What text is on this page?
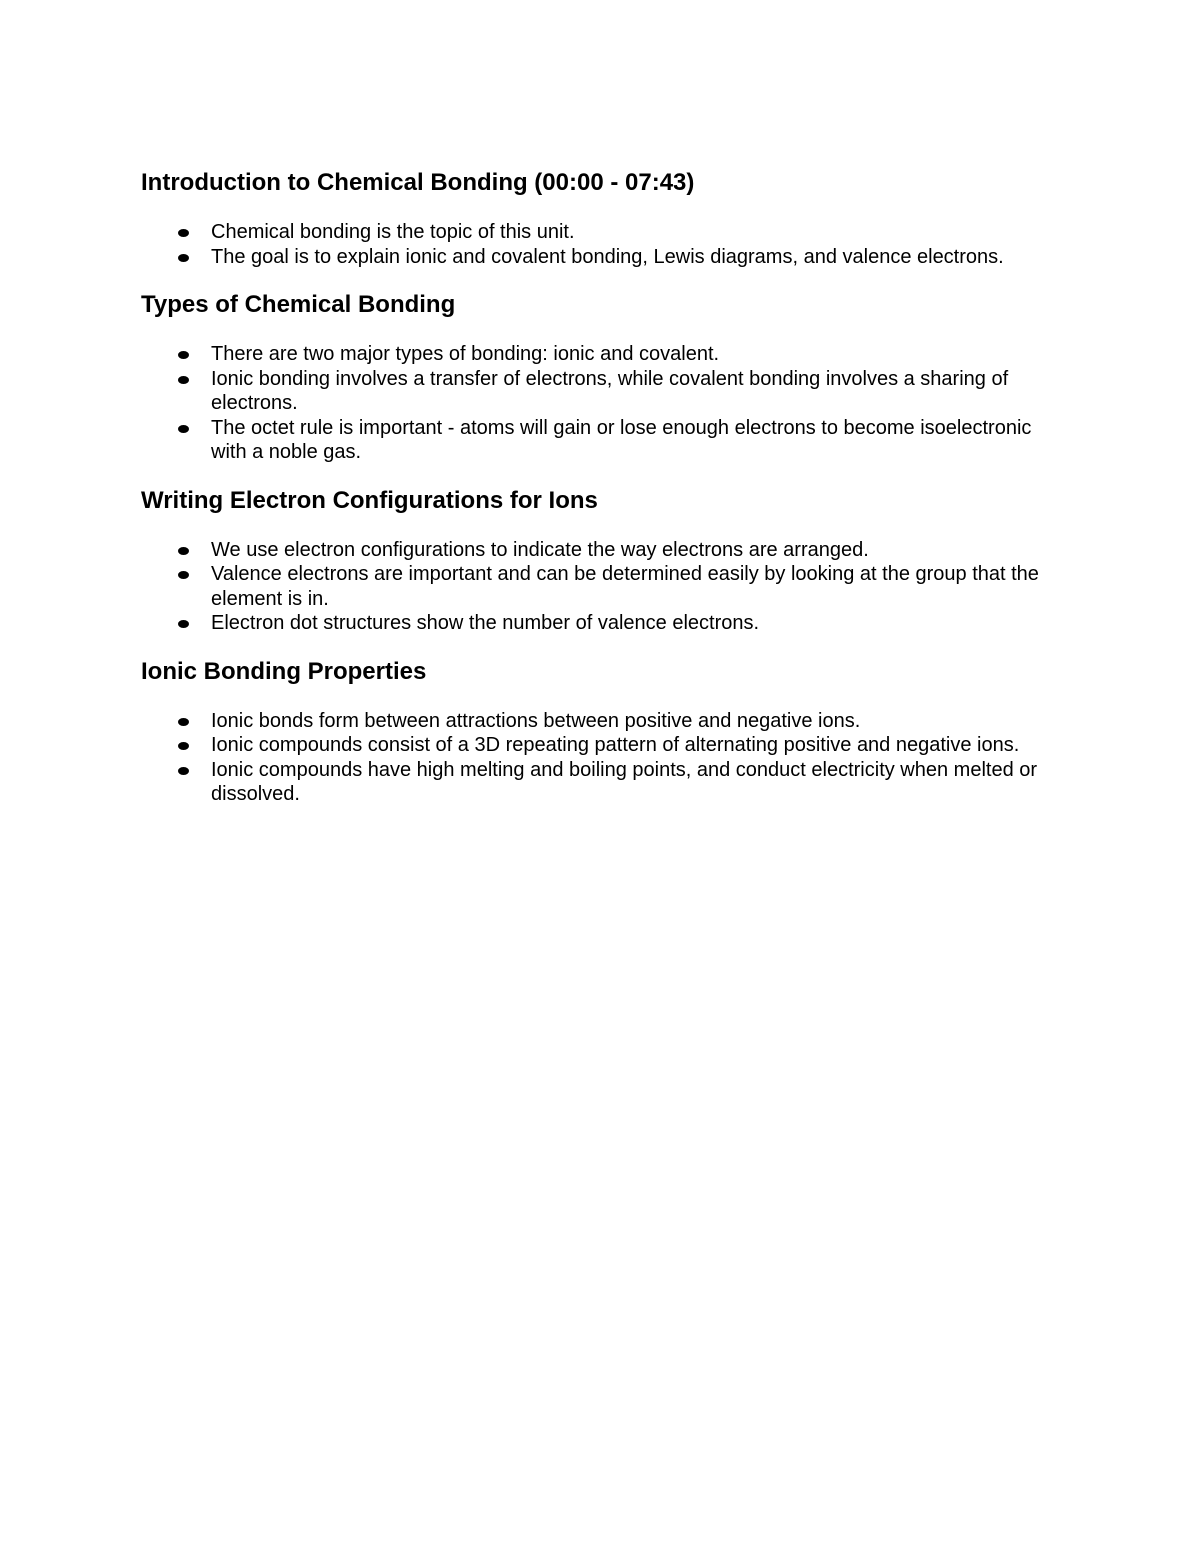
Introduction to Chemical Bonding (00:00 - 07:43)
Chemical bonding is the topic of this unit.
The goal is to explain ionic and covalent bonding, Lewis diagrams, and valence electrons.
Types of Chemical Bonding
There are two major types of bonding: ionic and covalent.
Ionic bonding involves a transfer of electrons, while covalent bonding involves a sharing of electrons.
The octet rule is important - atoms will gain or lose enough electrons to become isoelectronic with a noble gas.
Writing Electron Configurations for Ions
We use electron configurations to indicate the way electrons are arranged.
Valence electrons are important and can be determined easily by looking at the group that the element is in.
Electron dot structures show the number of valence electrons.
Ionic Bonding Properties
Ionic bonds form between attractions between positive and negative ions.
Ionic compounds consist of a 3D repeating pattern of alternating positive and negative ions.
Ionic compounds have high melting and boiling points, and conduct electricity when melted or dissolved.
